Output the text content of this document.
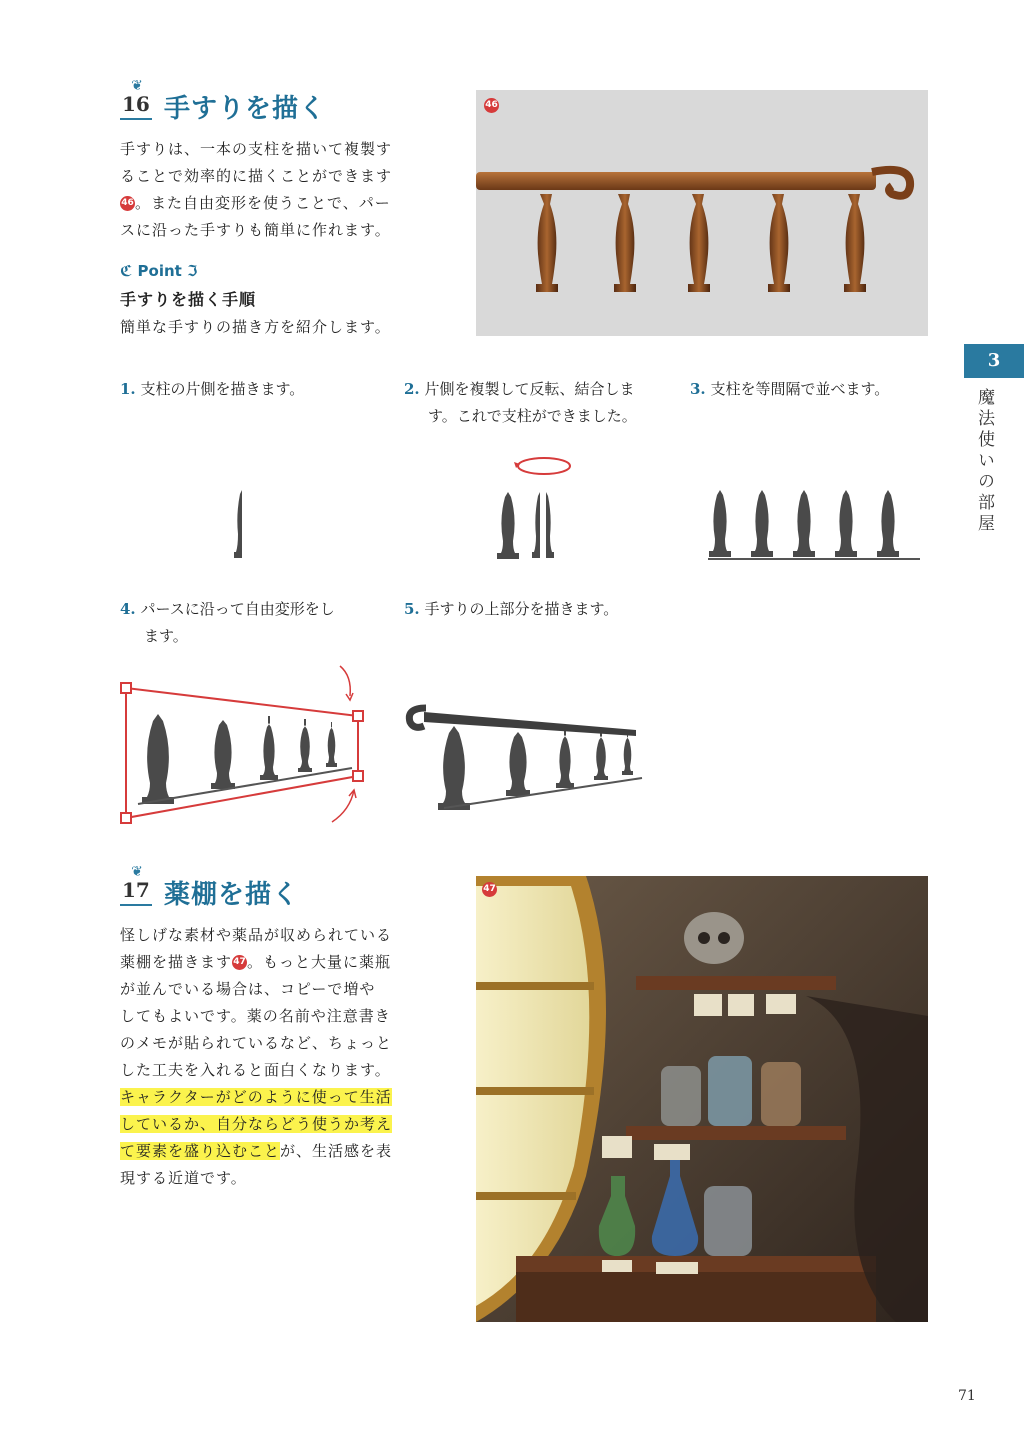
❦
16 手すりを描く
手すりは、一本の支柱を描いて複製す
ることで効率的に描くことができます
46。また自由変形を使うことで、パー
スに沿った手すりも簡単に作れます。
ℭ Point ℑ
手すりを描く手順
簡単な手すりの描き方を紹介します。
46
1. 支柱の片側を描きます。	2. 片側を複製して反転、結合しま
す。これで支柱ができました。
3. 支柱を等間隔で並べます。
4. パースに沿って自由変形をし
ます。
5. 手すりの上部分を描きます。
❦
17 薬棚を描く
怪しげな素材や薬品が収められている
薬棚を描きます47。もっと大量に薬瓶
が並んでいる場合は、コピーで増や
してもよいです。薬の名前や注意書き
のメモが貼られているなど、ちょっと
した工夫を入れると面白くなります。
キャラクターがどのように使って生活
しているか、自分ならどう使うか考え
て要素を盛り込むことが、生活感を表
現する近道です。
47
3
魔法使いの部屋
71
